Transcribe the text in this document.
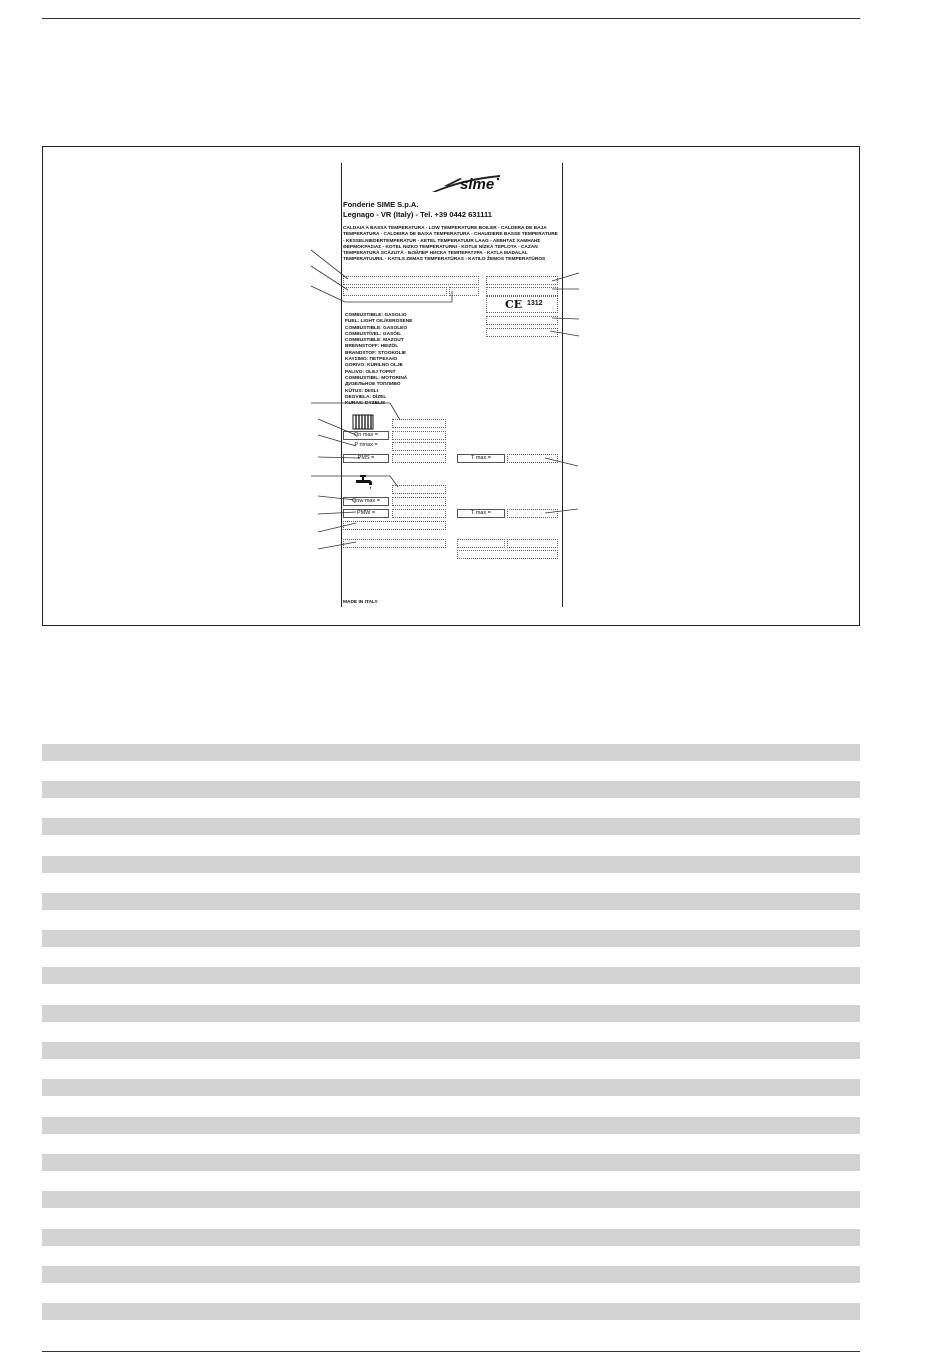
sime
Fonderie SIME S.p.A.
Legnago - VR (Italy) - Tel. +39 0442 631111
CALDAIA A BASSA TEMPERATURA - LOW TEMPERATURE BOILER - CALDERA DE BAJA TEMPERATURA - CALDEIRA DE BAIXA TEMPERATURA - CHAUDIERE BASSE TEMPERATURE - KESSELNIEDERTEMPERATUR - KETEL TEMPERATUUR LAAG - ΛΕΒΗΤΑΣ ΧΑΜΗΛΗΣ ΘΕΡΜΟΚΡΑΣΙΑΣ - KOTEL NIZKO TEMPERATURNI - KOTLE NÍZKÁ TEPLOTA - CAZAN TEMPERATURĂ SCĂZUTĂ - БОЙЛЕР НИСКА ТЕМПЕРАТУРА - KATLA MADALAL TEMPERATUURIL - KATILS ZEMAS TEMPERATŪRAS - KATILO ŽEMOS TEMPERATŪROS
CE 1312
COMBUSTIBILE: GASOLIO
FUEL: LIGHT OIL/KEROSENE
COMBUSTIBLE: GASOLEO
COMBUSTÍVEL: GASÓIL
COMBUSTIBLE: MAZOUT
BRENNSTOFF: HEIZÖL
BRANDSTOF: STOOKOLIE
ΚΑΥΣΙΜΟ: ΠΕΤΡΕΛΑΙΟ
GORIVO: KURILNO OLJE
PALIVO: OLEJ TOPNÝ
COMBUSTIBIL: MOTORINĂ
ДИЗЕЛЬНОЕ ТОПЛИВО
KÜTUS: DIISLI
DEGVIELA: DĪZEL
KURAS: DYZELIS
Qn max =
P nmax =
PMS =	T max =
Qnw max =
PMW =	T max =
MADE IN ITALY
